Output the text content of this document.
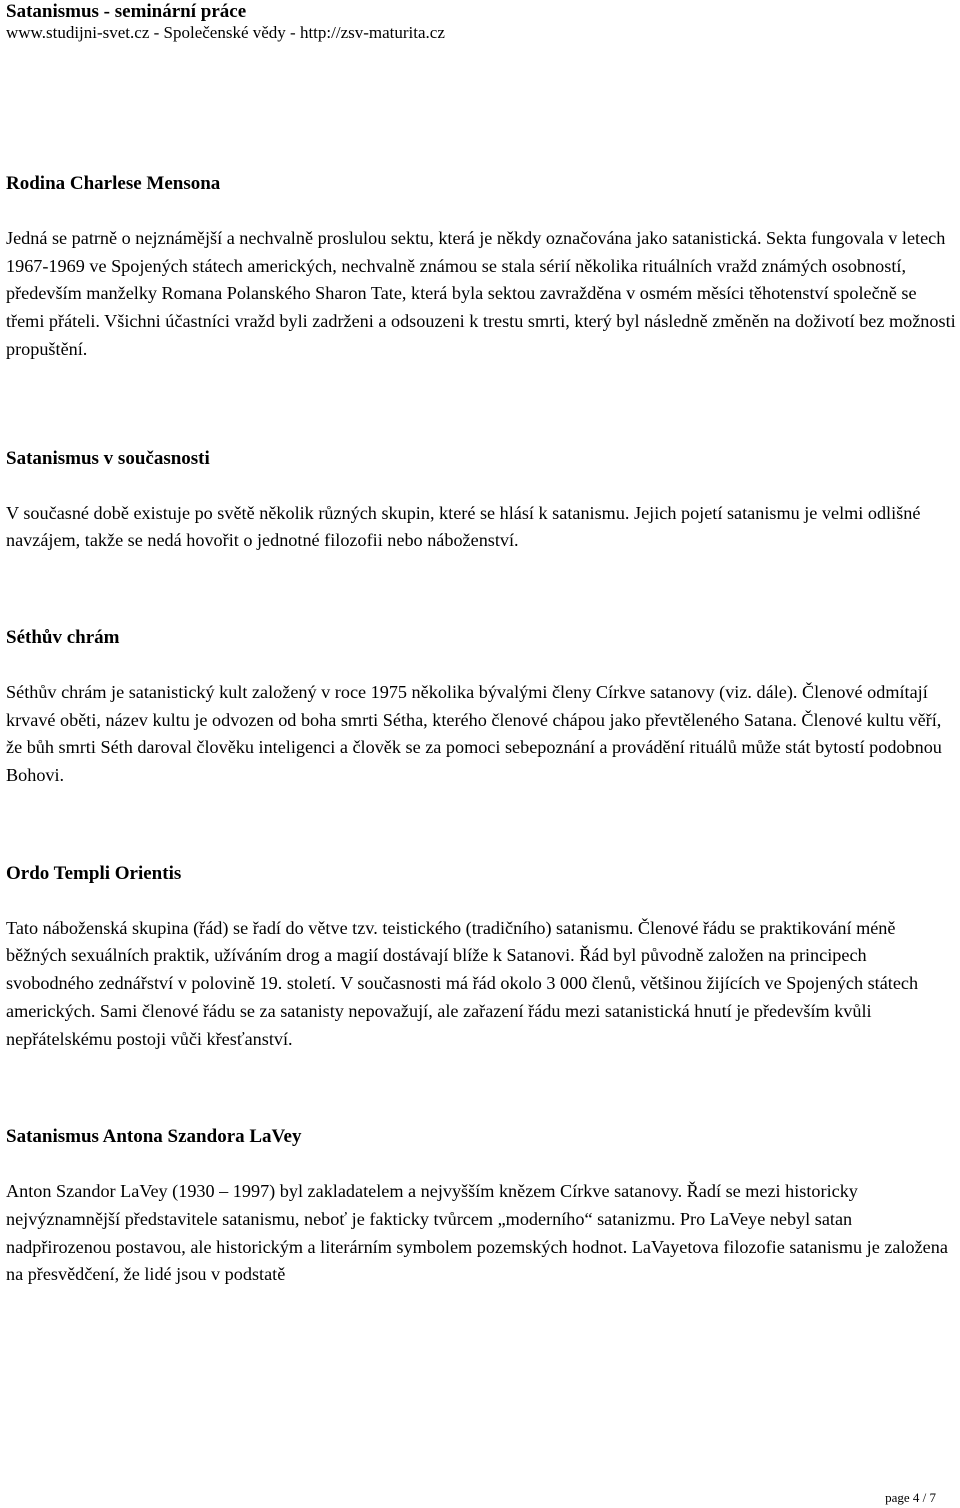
Satanismus - seminární práce
www.studijni-svet.cz - Společenské vědy - http://zsv-maturita.cz
Rodina Charlese Mensona

Jedná se patrně o nejznámější a nechvalně proslulou sektu, která je někdy označována jako satanistická. Sekta fungovala v letech 1967-1969 ve Spojených státech amerických, nechvalně známou se stala sérií několika rituálních vražd známých osobností, především manželky Romana Polanského Sharon Tate, která byla sektou zavražděna v osmém měsíci těhotenství společně se třemi přáteli. Všichni účastníci vražd byli zadrženi a odsouzeni k trestu smrti, který byl následně změněn na doživotí bez možnosti propuštění.

Satanismus v současnosti

V současné době existuje po světě několik různých skupin, které se hlásí k satanismu. Jejich pojetí satanismu je velmi odlišné navzájem, takže se nedá hovořit o jednotné filozofii nebo náboženství.

Séthův chrám

Séthův chrám je satanistický kult založený v roce 1975 několika bývalými členy Církve satanovy (viz. dále). Členové odmítají krvavé oběti, název kultu je odvozen od boha smrti Sétha, kterého členové chápou jako převtěleného Satana. Členové kultu věří, že bůh smrti Séth daroval člověku inteligenci a člověk se za pomoci sebepoznání a provádění rituálů může stát bytostí podobnou Bohovi.

Ordo Templi Orientis

Tato náboženská skupina (řád) se řadí do větve tzv. teistického (tradičního) satanismu. Členové řádu se praktikování méně běžných sexuálních praktik, užíváním drog a magií dostávají blíže k Satanovi. Řád byl původně založen na principech svobodného zednářství v polovině 19. století. V současnosti má řád okolo 3 000 členů, většinou žijících ve Spojených státech amerických. Sami členové řádu se za satanisty nepovažují, ale zařazení řádu mezi satanistická hnutí je především kvůli nepřátelskému postoji vůči křesťanství.

Satanismus Antona Szandora LaVey

Anton Szandor LaVey (1930 – 1997) byl zakladatelem a nejvyšším knězem Církve satanovy. Řadí se mezi historicky nejvýznamnější představitele satanismu, neboť je fakticky tvůrcem „moderního“ satanizmu. Pro LaVeye nebyl satan nadpřirozenou postavou, ale historickým a literárním symbolem pozemských hodnot. LaVayetova filozofie satanismu je založena na přesvědčení, že lidé jsou v podstatě

page 4 / 7
